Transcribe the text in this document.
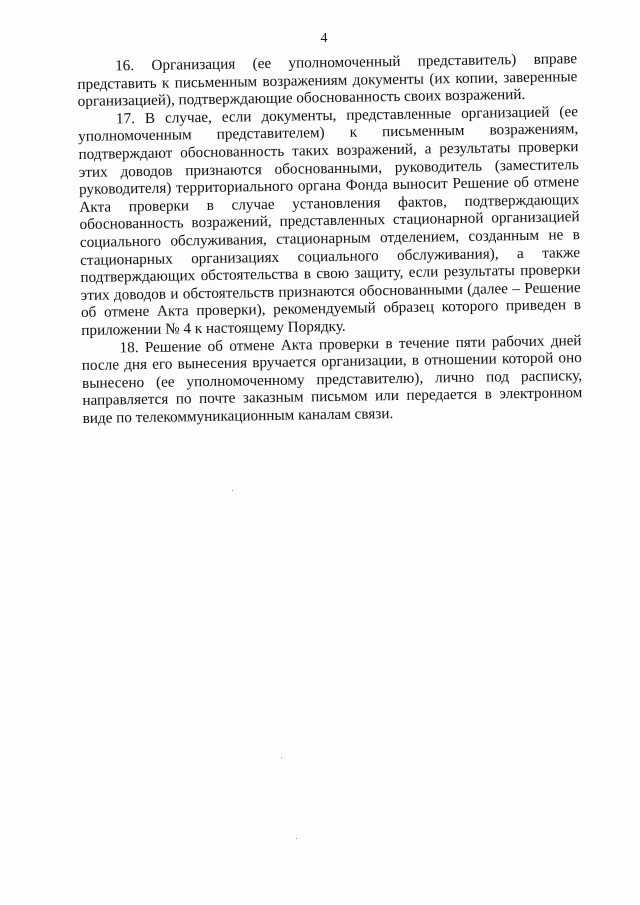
4

16. Организация (ее уполномоченный представитель) вправе представить к письменным возражениям документы (их копии, заверенные организацией), подтверждающие обоснованность своих возражений.

17. В случае, если документы, представленные организацией (ее уполномоченным представителем) к письменным возражениям, подтверждают обоснованность таких возражений, а результаты проверки этих доводов признаются обоснованными, руководитель (заместитель руководителя) территориального органа Фонда выносит Решение об отмене Акта проверки в случае установления фактов, подтверждающих обоснованность возражений, представленных стационарной организацией социального обслуживания, стационарным отделением, созданным не в стационарных организациях социального обслуживания), а также подтверждающих обстоятельства в свою защиту, если результаты проверки этих доводов и обстоятельств признаются обоснованными (далее – Решение об отмене Акта проверки), рекомендуемый образец которого приведен в приложении № 4 к настоящему Порядку.

18. Решение об отмене Акта проверки в течение пяти рабочих дней после дня его вынесения вручается организации, в отношении которой оно вынесено (ее уполномоченному представителю), лично под расписку, направляется по почте заказным письмом или передается в электронном виде по телекоммуникационным каналам связи.
